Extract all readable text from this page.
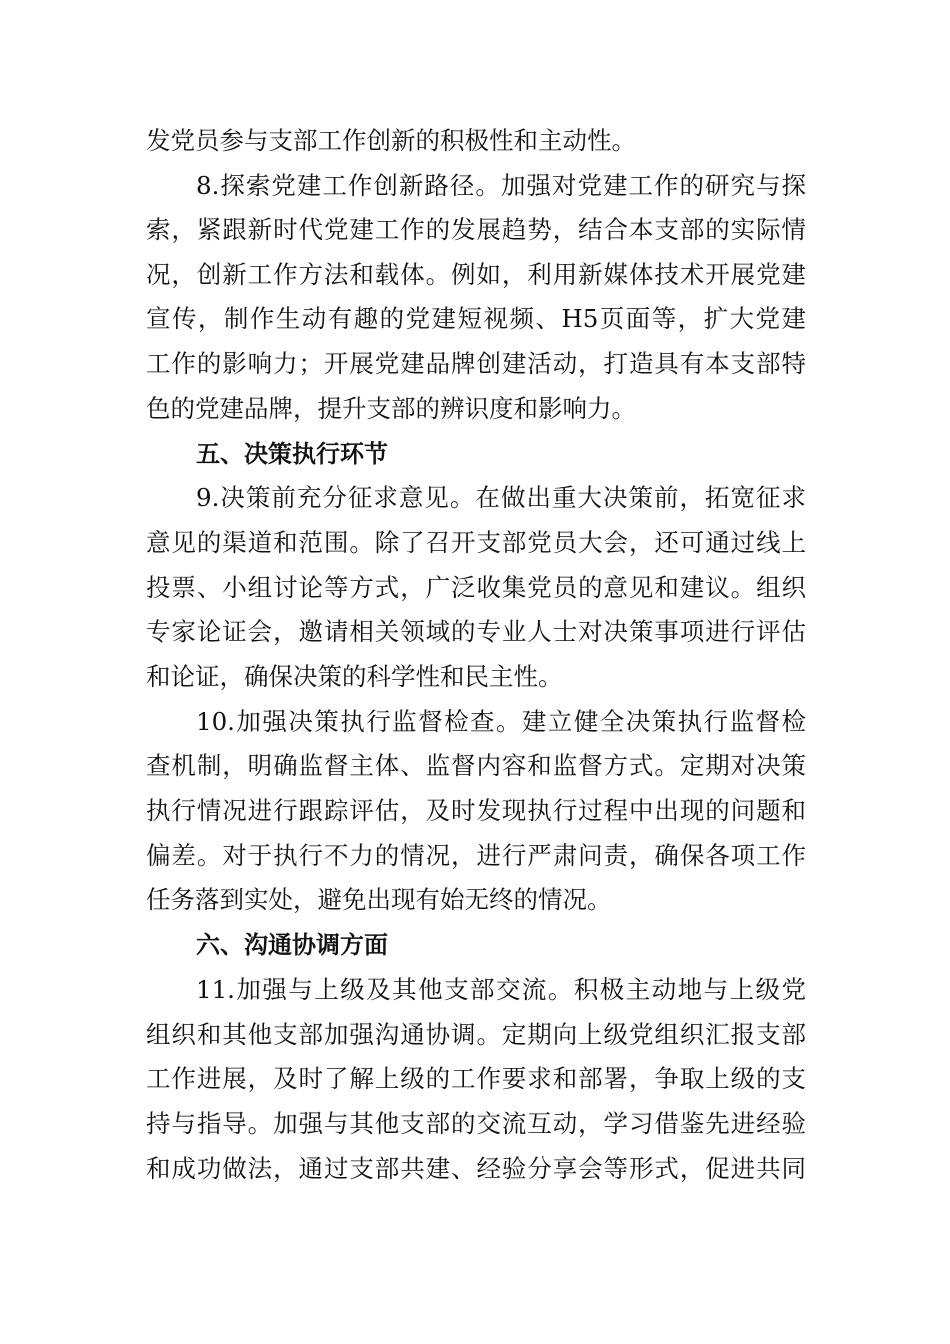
发党员参与支部工作创新的积极性和主动性。
8.探索党建工作创新路径。加强对党建工作的研究与探
索，紧跟新时代党建工作的发展趋势，结合本支部的实际情
况，创新工作方法和载体。例如，利用新媒体技术开展党建
宣传，制作生动有趣的党建短视频、H5页面等，扩大党建
工作的影响力；开展党建品牌创建活动，打造具有本支部特
色的党建品牌，提升支部的辨识度和影响力。
五、决策执行环节
9.决策前充分征求意见。在做出重大决策前，拓宽征求
意见的渠道和范围。除了召开支部党员大会，还可通过线上
投票、小组讨论等方式，广泛收集党员的意见和建议。组织
专家论证会，邀请相关领域的专业人士对决策事项进行评估
和论证，确保决策的科学性和民主性。
10.加强决策执行监督检查。建立健全决策执行监督检
查机制，明确监督主体、监督内容和监督方式。定期对决策
执行情况进行跟踪评估，及时发现执行过程中出现的问题和
偏差。对于执行不力的情况，进行严肃问责，确保各项工作
任务落到实处，避免出现有始无终的情况。
六、沟通协调方面
11.加强与上级及其他支部交流。积极主动地与上级党
组织和其他支部加强沟通协调。定期向上级党组织汇报支部
工作进展，及时了解上级的工作要求和部署，争取上级的支
持与指导。加强与其他支部的交流互动，学习借鉴先进经验
和成功做法，通过支部共建、经验分享会等形式，促进共同
